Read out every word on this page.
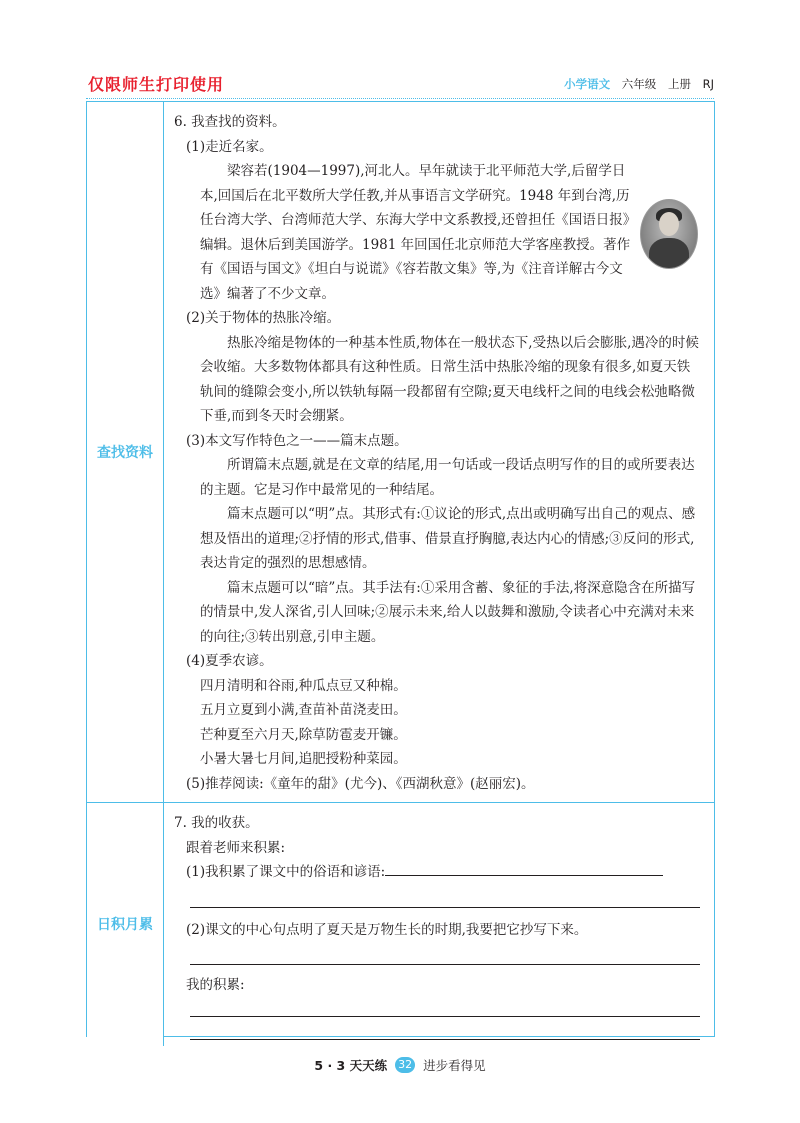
仅限师生打印使用	小学语文 六年级 上册 RJ
查找资料

6. 我查找的资料。

(1)走近名家。

梁容若(1904—1997),河北人。早年就读于北平师范大学,后留学日本,回国后在北平数所大学任教,并从事语言文学研究。1948 年到台湾,历任台湾大学、台湾师范大学、东海大学中文系教授,还曾担任《国语日报》编辑。退休后到美国游学。1981 年回国任北京师范大学客座教授。著作有《国语与国文》《坦白与说谎》《容若散文集》等,为《注音详解古今文选》编著了不少文章。

(2)关于物体的热胀冷缩。

热胀冷缩是物体的一种基本性质,物体在一般状态下,受热以后会膨胀,遇冷的时候会收缩。大多数物体都具有这种性质。日常生活中热胀冷缩的现象有很多,如夏天铁轨间的缝隙会变小,所以铁轨每隔一段都留有空隙;夏天电线杆之间的电线会松弛略微下垂,而到冬天时会绷紧。

(3)本文写作特色之一——篇末点题。

所谓篇末点题,就是在文章的结尾,用一句话或一段话点明写作的目的或所要表达的主题。它是习作中最常见的一种结尾。

篇末点题可以“明”点。其形式有:①议论的形式,点出或明确写出自己的观点、感想及悟出的道理;②抒情的形式,借事、借景直抒胸臆,表达内心的情感;③反问的形式,表达肯定的强烈的思想感情。

篇末点题可以“暗”点。其手法有:①采用含蓄、象征的手法,将深意隐含在所描写的情景中,发人深省,引人回味;②展示未来,给人以鼓舞和激励,令读者心中充满对未来的向往;③转出别意,引申主题。

(4)夏季农谚。

四月清明和谷雨,种瓜点豆又种棉。

五月立夏到小满,查苗补苗浇麦田。

芒种夏至六月天,除草防雹麦开镰。

小暑大暑七月间,追肥授粉种菜园。

(5)推荐阅读:《童年的甜》(尤今)、《西湖秋意》(赵丽宏)。

日积月累

7. 我的收获。

跟着老师来积累:

(1)我积累了课文中的俗语和谚语:

(2)课文的中心句点明了夏天是万物生长的时期,我要把它抄写下来。

我的积累:

5 · 3 天天练 32 进步看得见
